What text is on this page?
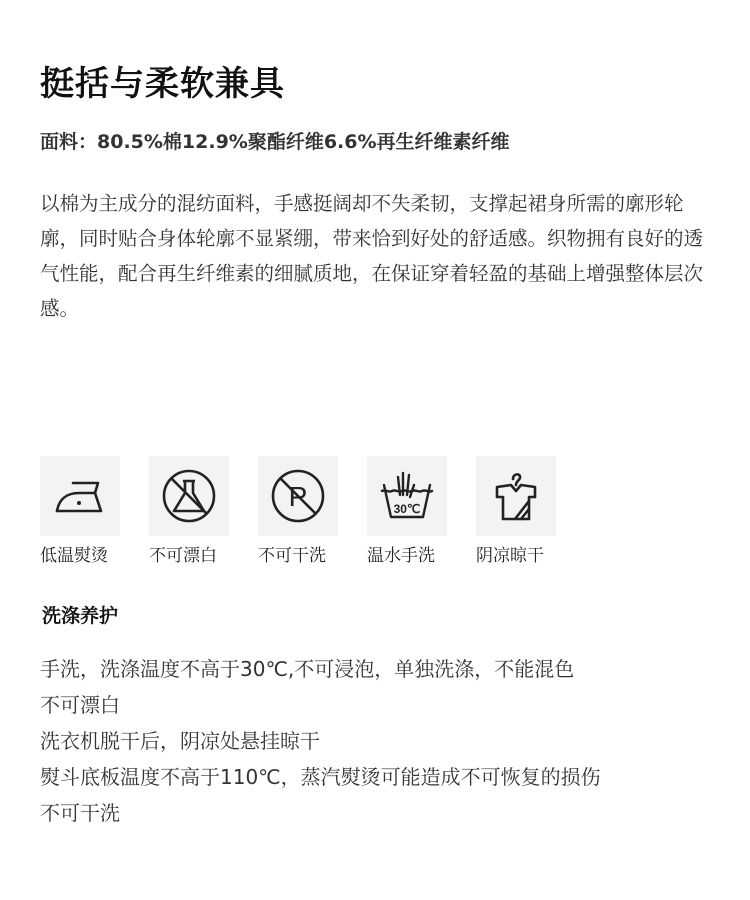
挺括与柔软兼具
面料：80.5%棉12.9%聚酯纤维6.6%再生纤维素纤维

以棉为主成分的混纺面料，手感挺阔却不失柔韧，支撑起裙身所需的廓形轮廓，同时贴合身体轮廓不显紧绷，带来恰到好处的舒适感。织物拥有良好的透气性能，配合再生纤维素的细腻质地，在保证穿着轻盈的基础上增强整体层次感。

低温熨烫 不可漂白
P
不可干洗
30℃
温水手洗 阴凉晾干
洗涤养护
手洗，洗涤温度不高于30℃,不可浸泡，单独洗涤，不能混色
不可漂白
洗衣机脱干后，阴凉处悬挂晾干
熨斗底板温度不高于110℃，蒸汽熨烫可能造成不可恢复的损伤
不可干洗
